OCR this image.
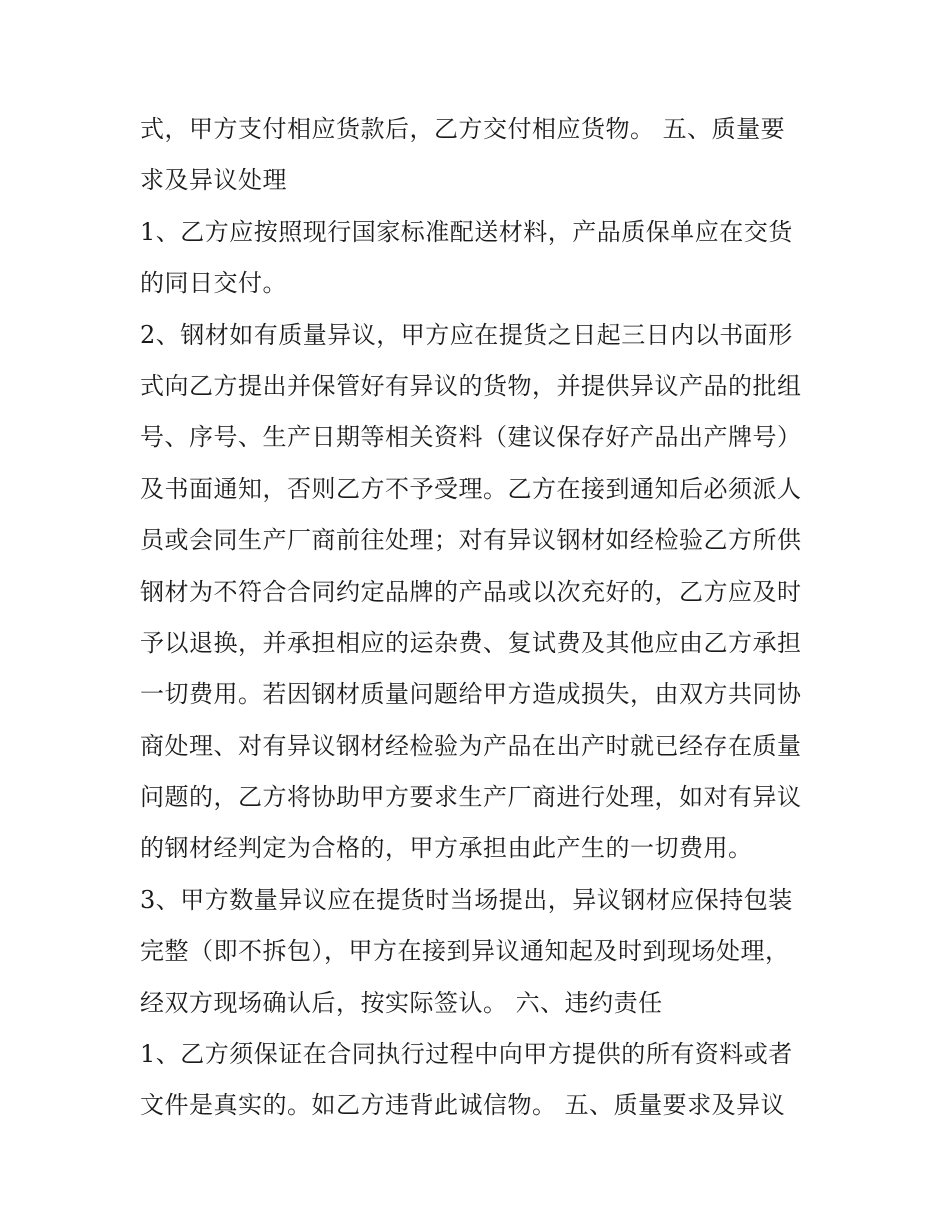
式，甲方支付相应货款后，乙方交付相应货物。 五、质量要
求及异议处理
1、乙方应按照现行国家标准配送材料，产品质保单应在交货
的同日交付。
2、钢材如有质量异议，甲方应在提货之日起三日内以书面形
式向乙方提出并保管好有异议的货物，并提供异议产品的批组
号、序号、生产日期等相关资料（建议保存好产品出产牌号）
及书面通知，否则乙方不予受理。乙方在接到通知后必须派人
员或会同生产厂商前往处理；对有异议钢材如经检验乙方所供
钢材为不符合合同约定品牌的产品或以次充好的，乙方应及时
予以退换，并承担相应的运杂费、复试费及其他应由乙方承担
一切费用。若因钢材质量问题给甲方造成损失，由双方共同协
商处理、对有异议钢材经检验为产品在出产时就已经存在质量
问题的，乙方将协助甲方要求生产厂商进行处理，如对有异议
的钢材经判定为合格的，甲方承担由此产生的一切费用。
3、甲方数量异议应在提货时当场提出，异议钢材应保持包装
完整（即不拆包），甲方在接到异议通知起及时到现场处理，
经双方现场确认后，按实际签认。 六、违约责任
1、乙方须保证在合同执行过程中向甲方提供的所有资料或者
文件是真实的。如乙方违背此诚信物。 五、质量要求及异议
